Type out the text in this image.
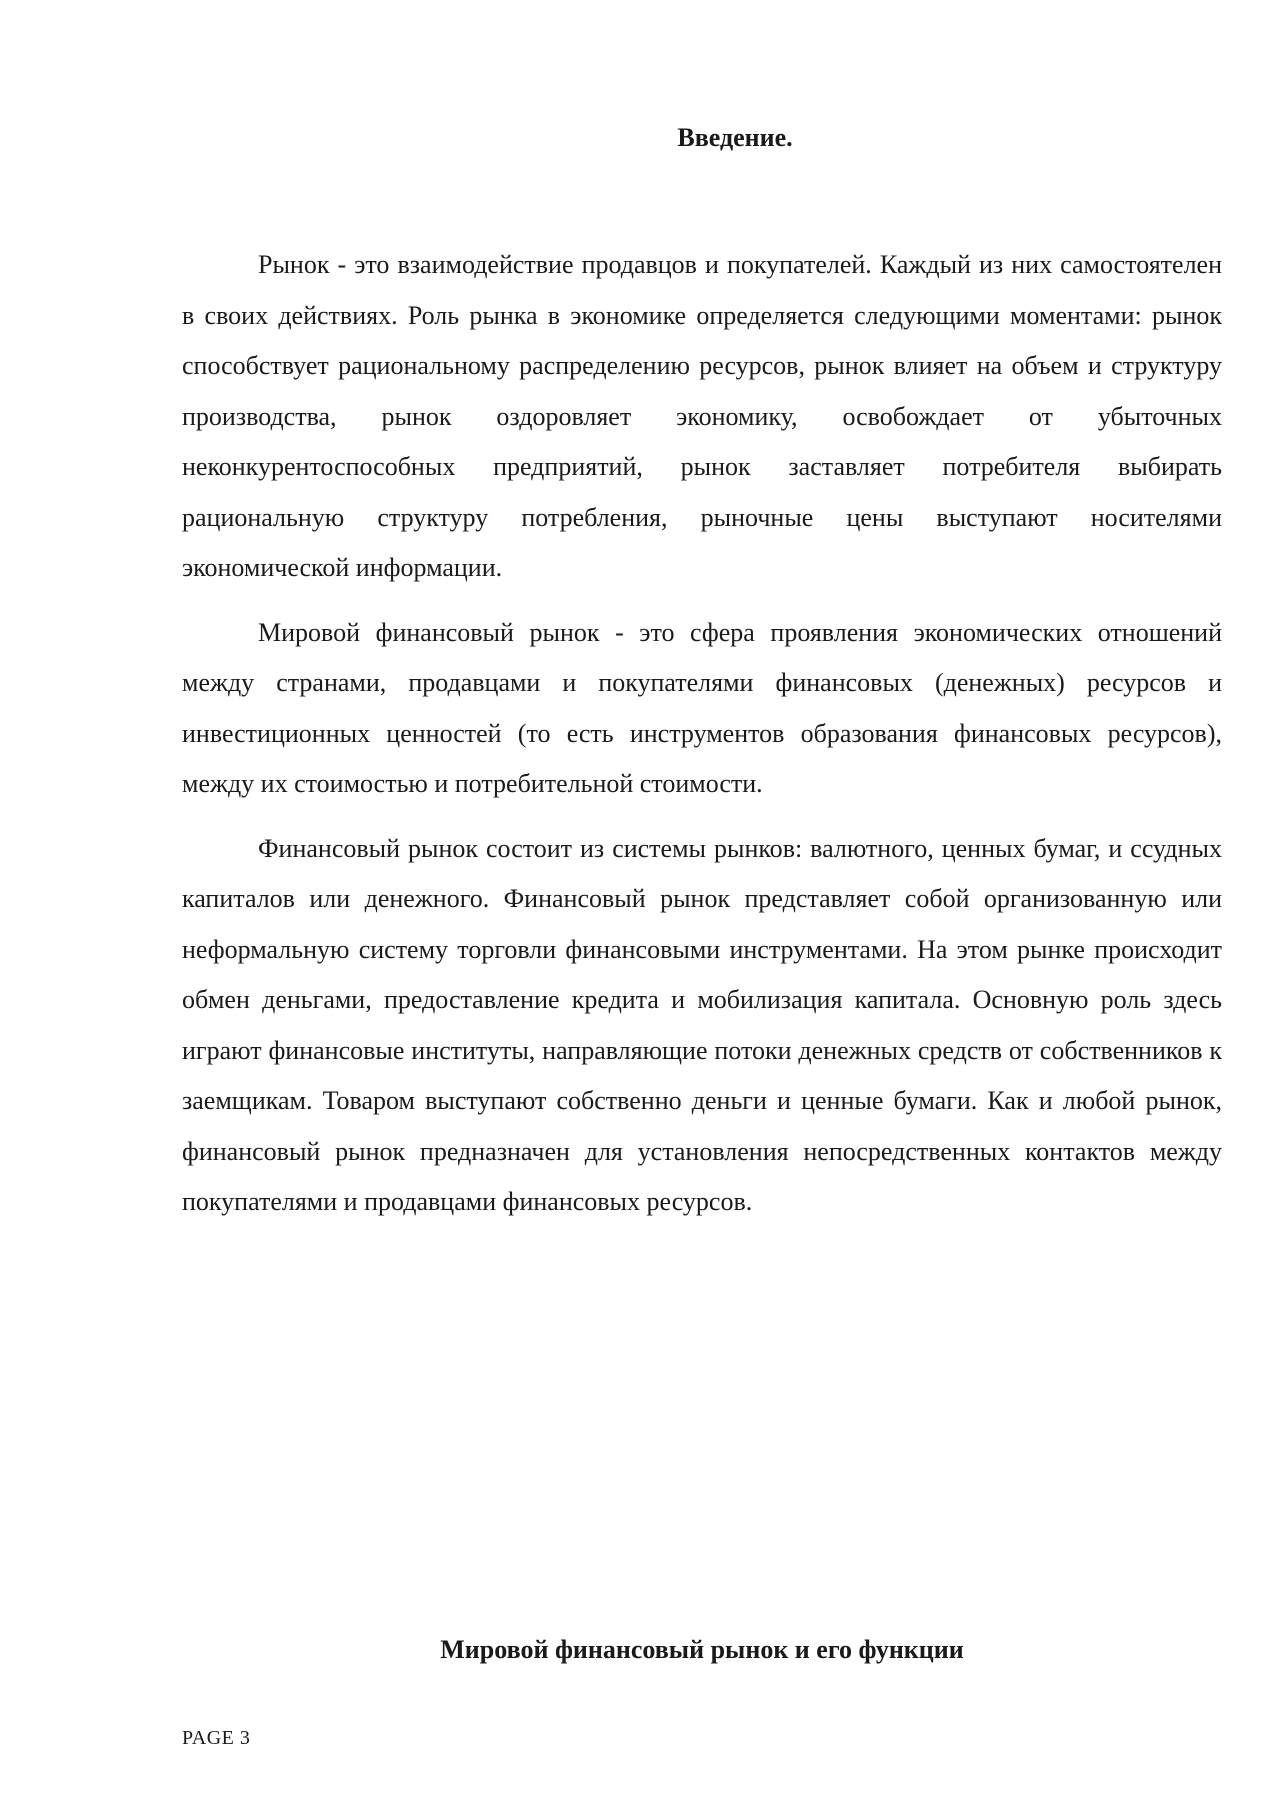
Введение.

Рынок - это взаимодействие продавцов и покупателей. Каждый из них самостоятелен в своих действиях. Роль рынка в экономике определяется следующими моментами: рынок способствует рациональному распределению ресурсов, рынок влияет на объем и структуру производства, рынок оздоровляет экономику, освобождает от убыточных неконкурентоспособных предприятий, рынок заставляет потребителя выбирать рациональную структуру потребления, рыночные цены выступают носителями экономической информации.

Мировой финансовый рынок - это сфера проявления экономических отношений между странами, продавцами и покупателями финансовых (денежных) ресурсов и инвестиционных ценностей (то есть инструментов образования финансовых ресурсов), между их стоимостью и потребительной стоимости.

Финансовый рынок состоит из системы рынков: валютного, ценных бумаг, и ссудных капиталов или денежного. Финансовый рынок представляет собой организованную или неформальную систему торговли финансовыми инструментами. На этом рынке происходит обмен деньгами, предоставление кредита и мобилизация капитала. Основную роль здесь играют финансовые институты, направляющие потоки денежных средств от собственников к заемщикам. Товаром выступают собственно деньги и ценные бумаги. Как и любой рынок, финансовый рынок предназначен для установления непосредственных контактов между покупателями и продавцами финансовых ресурсов.

Мировой финансовый рынок и его функции
PAGE 3
